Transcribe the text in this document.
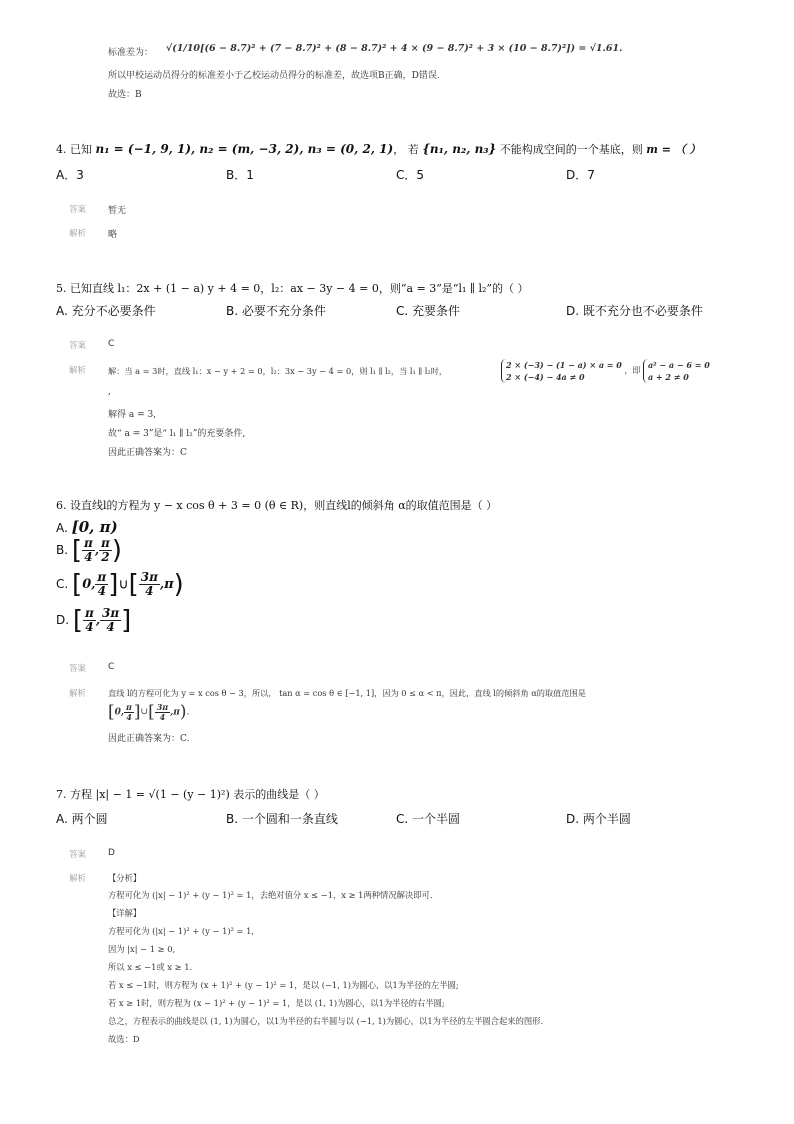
标准差为： √(1/10[(6 − 8.7)² + (7 − 8.7)² + (8 − 8.7)² + 4 × (9 − 8.7)² + 3 × (10 − 8.7)²]) = √1.61.
所以甲校运动员得分的标准差小于乙校运动员得分的标准差，故选项B正确，D错误.
故选：B
4. 已知 n₁ = (−1, 9, 1), n₂ = (m, −3, 2), n₃ = (0, 2, 1)， 若 {n₁, n₂, n₃} 不能构成空间的一个基底，则 m = （ ）
A．3	B．1	C．5	D．7
答案 暂无
解析 略
5. 已知直线 l₁：2x + (1 − a) y + 4 = 0，l₂：ax − 3y − 4 = 0，则“a = 3”是“l₁ ∥ l₂”的（ ）
A. 充分不必要条件	B. 必要不充分条件	C. 充要条件	D. 既不充分也不必要条件
答案 C
解析	解：当 a = 3时，直线 l₁：x − y + 2 = 0，l₂：3x − 3y − 4 = 0，则 l₁ ∥ l₂，当 l₁ ∥ l₂时，
2 × (−3) − (1 − a) × a = 0
2 × (−4) − 4a ≠ 0
，即
a² − a − 6 = 0
a + 2 ≠ 0
,
解得 a = 3,
故“ a = 3”是“ l₁ ∥ l₂”的充要条件,
因此正确答案为：C
6. 设直线l的方程为 y − x cos θ + 3 = 0 (θ ∈ R)，则直线l的倾斜角 α的取值范围是（ ）
A. [0, π)
B. [ $\frac{\pi}{4}$ , $\frac{\pi}{2}$ )
C. [0, $\frac{\pi}{4}$ ]∪[ $\frac{3\pi}{4} ,\pi$)
D. [ $\frac{\pi}{4}$ , $\frac{3\pi}{4}$ ]
答案 C
解析	直线 l的方程可化为 y = x cos θ − 3，所以， tan α = cos θ ∈ [−1, 1]，因为 0 ≤ α < π，因此，直线 l的倾斜角 α的取值范围是
[0, $\frac{\pi}{4}$ ]∪[ $\frac{3\pi}{4} ,\pi$).
因此正确答案为：C.
7. 方程 |x| − 1 = √(1 − (y − 1)²) 表示的曲线是（ ）
A. 两个圆	B. 一个圆和一条直线	C. 一个半圆	D. 两个半圆
答案 D
解析	【分析】
方程可化为 (|x| − 1)² + (y − 1)² = 1，去绝对值分 x ≤ −1，x ≥ 1两种情况解决即可.
【详解】
方程可化为 (|x| − 1)² + (y − 1)² = 1,
因为 |x| − 1 ≥ 0,
所以 x ≤ −1或 x ≥ 1.
若 x ≤ −1时，则方程为 (x + 1)² + (y − 1)² = 1，是以 (−1, 1)为圆心，以1为半径的左半圆;
若 x ≥ 1时，则方程为 (x − 1)² + (y − 1)² = 1，是以 (1, 1)为圆心，以1为半径的右半圆;
总之，方程表示的曲线是以 (1, 1)为圆心，以1为半径的右半圆与以 (−1, 1)为圆心，以1为半径的左半圆合起来的图形.
故选：D
